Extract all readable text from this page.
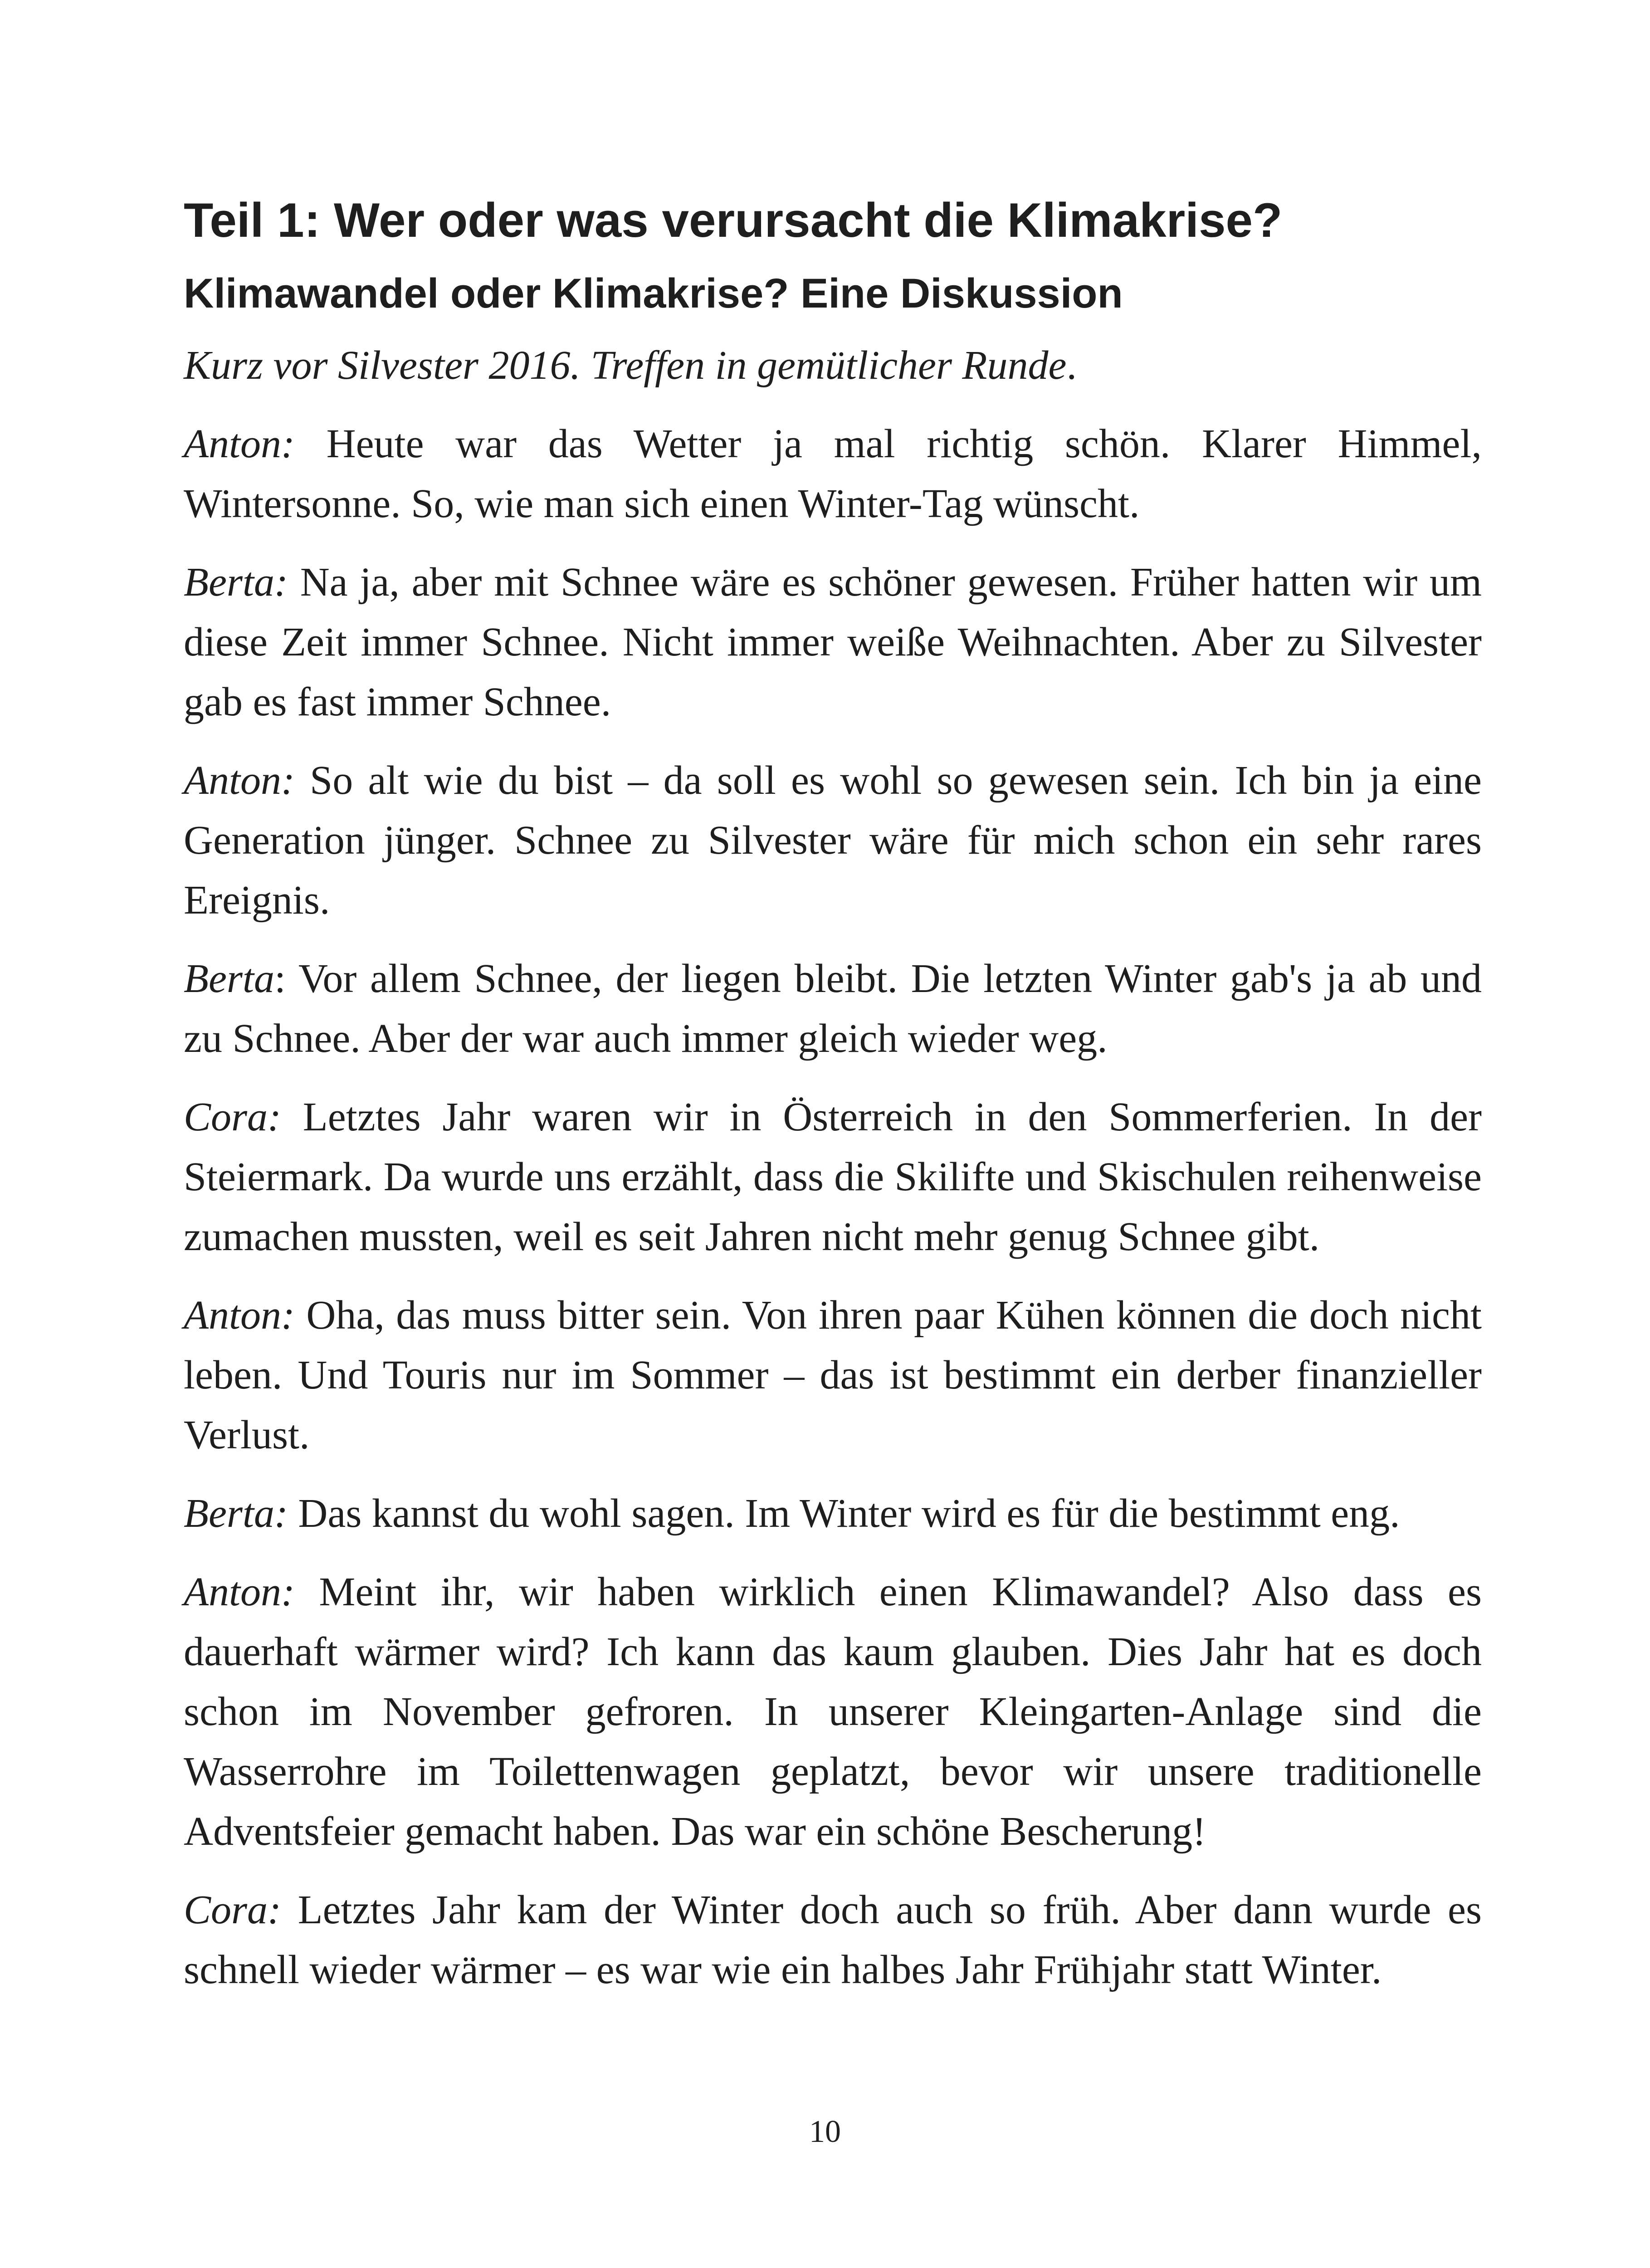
Teil 1: Wer oder was verursacht die Klimakrise?
Klimawandel oder Klimakrise? Eine Diskussion

Kurz vor Silvester 2016. Treffen in gemütlicher Runde.

Anton: Heute war das Wetter ja mal richtig schön. Klarer Himmel, Wintersonne. So, wie man sich einen Winter-Tag wünscht.

Berta: Na ja, aber mit Schnee wäre es schöner gewesen. Früher hatten wir um diese Zeit immer Schnee. Nicht immer weiße Weihnachten. Aber zu Silvester gab es fast immer Schnee.

Anton: So alt wie du bist – da soll es wohl so gewesen sein. Ich bin ja eine Generation jünger. Schnee zu Silvester wäre für mich schon ein sehr rares Ereignis.

Berta: Vor allem Schnee, der liegen bleibt. Die letzten Winter gab's ja ab und zu Schnee. Aber der war auch immer gleich wieder weg.

Cora: Letztes Jahr waren wir in Österreich in den Sommerferien. In der Steiermark. Da wurde uns erzählt, dass die Skilifte und Skischulen reihenweise zumachen mussten, weil es seit Jahren nicht mehr genug Schnee gibt.

Anton: Oha, das muss bitter sein. Von ihren paar Kühen können die doch nicht leben. Und Touris nur im Sommer – das ist bestimmt ein derber finanzieller Verlust.

Berta: Das kannst du wohl sagen. Im Winter wird es für die bestimmt eng.

Anton: Meint ihr, wir haben wirklich einen Klimawandel? Also dass es dauerhaft wärmer wird? Ich kann das kaum glauben. Dies Jahr hat es doch schon im November gefroren. In unserer Kleingarten-Anlage sind die Wasserrohre im Toilettenwagen geplatzt, bevor wir unsere traditionelle Adventsfeier gemacht haben. Das war ein schöne Bescherung!

Cora: Letztes Jahr kam der Winter doch auch so früh. Aber dann wurde es schnell wieder wärmer – es war wie ein halbes Jahr Frühjahr statt Winter.

10
